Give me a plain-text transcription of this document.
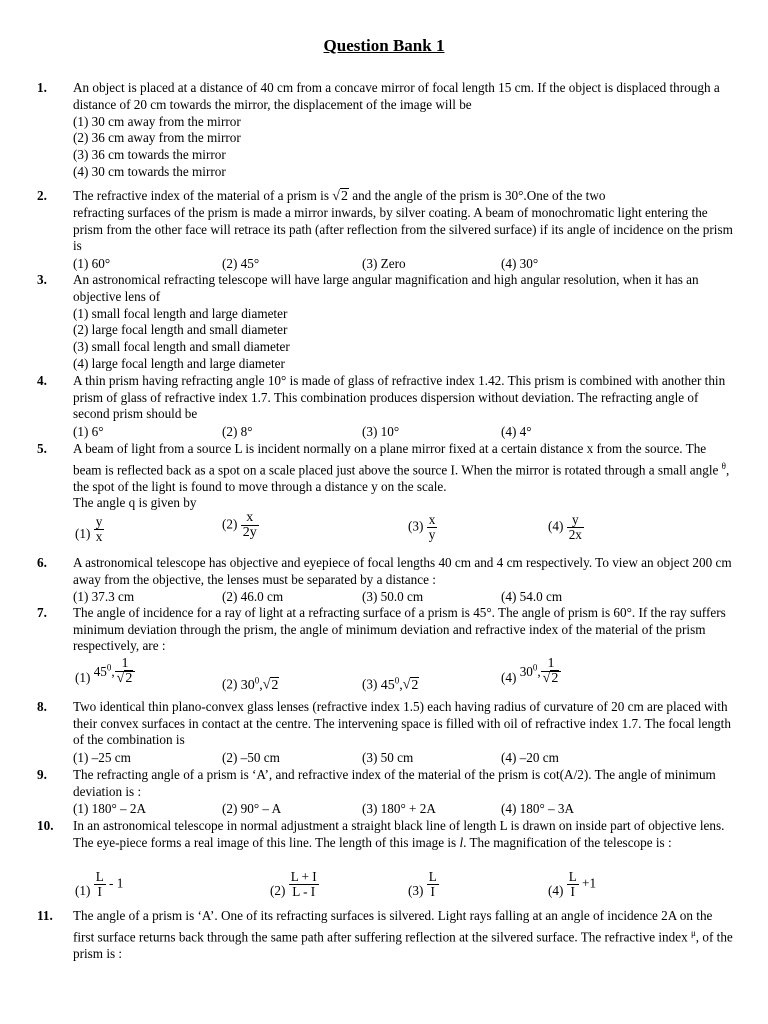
Question Bank 1
1. An object is placed at a distance of 40 cm from a concave mirror of focal length 15 cm. If the object is displaced through a distance of 20 cm towards the mirror, the displacement of the image will be
(1) 30 cm away from the mirror
(2) 36 cm away from the mirror
(3) 36 cm towards the mirror
(4) 30 cm towards the mirror
2. The refractive index of the material of a prism is √2 and the angle of the prism is 30°.One of the two
refracting surfaces of the prism is made a mirror inwards, by silver coating. A beam of monochromatic light entering the prism from the other face will retrace its path (after reflection from the silvered surface) if its angle of incidence on the prism is
(1) 60°	(2) 45°	(3) Zero	(4) 30°
3. An astronomical refracting telescope will have large angular magnification and high angular resolution, when it has an objective lens of
(1) small focal length and large diameter
(2) large focal length and small diameter
(3) small focal length and small diameter
(4) large focal length and large diameter
4. A thin prism having refracting angle 10° is made of glass of refractive index 1.42. This prism is combined with another thin prism of glass of refractive index 1.7. This combination produces dispersion without deviation. The refracting angle of second prism should be
(1) 6°	(2) 8°	(3) 10°	(4) 4°
5. A beam of light from a source L is incident normally on a plane mirror fixed at a certain distance x from the source. The beam is reflected back as a spot on a scale placed just above the source I. When the mirror is rotated through a small angle $^\theta$, the spot of the light is found to move through a distance y on the scale.
The angle q is given by
$(1) \frac{y}{x}$	$(2) \frac{x}{2y}$	$(3) \frac{x}{y}$	$(4) \frac{y}{2x}$
6. A astronomical telescope has objective and eyepiece of focal lengths 40 cm and 4 cm respectively. To view an object 200 cm away from the objective, the lenses must be separated by a distance :
(1) 37.3 cm	(2) 46.0 cm	(3) 50.0 cm	(4) 54.0 cm
7. The angle of incidence for a ray of light at a refracting surface of a prism is 45°. The angle of prism is 60°. If the ray suffers minimum deviation through the prism, the angle of minimum deviation and refractive index of the material of the prism respectively, are :
(1) $45^0$, $\frac{1}{√2}$	(2) $30^0,√2$	(3) $45^0,√2$
(4) $30^0$, $\frac{1}{√2}$
8. Two identical thin plano-convex glass lenses (refractive index 1.5) each having radius of curvature of 20 cm are placed with their convex surfaces in contact at the centre. The intervening space is filled with oil of refractive index 1.7. The focal length of the combination is
(1) –25 cm	(2) –50 cm	(3) 50 cm	(4) –20 cm
9. The refracting angle of a prism is ‘A’, and refractive index of the material of the prism is cot(A/2). The angle of minimum deviation is :
(1) 180° – 2A	(2) 90° – A	(3) 180° + 2A	(4) 180° – 3A
10. In an astronomical telescope in normal adjustment a straight black line of length L is drawn on inside part of objective lens. The eye-piece forms a real image of this line. The length of this image is l. The magnification of the telescope is :
$(1) \frac{L}{I} - 1$	$(2) \frac{L + I}{L - I}$	$(3) \frac{L}{I}$	$(4) \frac{L}{I} +1$
11. The angle of a prism is ‘A’. One of its refracting surfaces is silvered. Light rays falling at an angle of incidence 2A on the first surface returns back through the same path after suffering reflection at the silvered surface. The refractive index $^\mu$, of the prism is :
